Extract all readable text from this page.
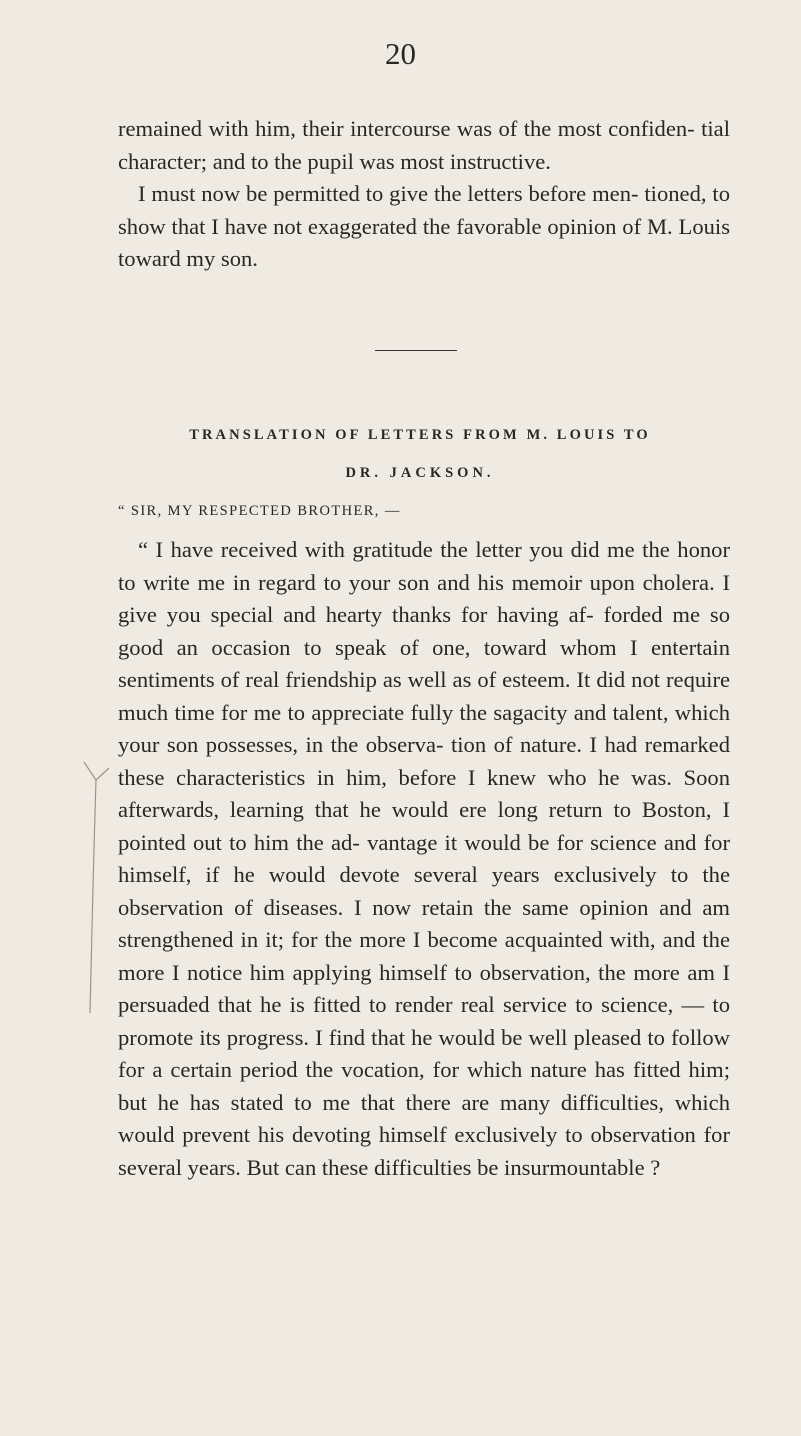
20

remained with him, their intercourse was of the most confiden- tial character; and to the pupil was most instructive.

I must now be permitted to give the letters before men- tioned, to show that I have not exaggerated the favorable opinion of M. Louis toward my son.

TRANSLATION OF LETTERS FROM M. LOUIS TO
DR. JACKSON.
“ SIR, MY RESPECTED BROTHER, —

“ I have received with gratitude the letter you did me the honor to write me in regard to your son and his memoir upon cholera. I give you special and hearty thanks for having af- forded me so good an occasion to speak of one, toward whom I entertain sentiments of real friendship as well as of esteem. It did not require much time for me to appreciate fully the sagacity and talent, which your son possesses, in the observa- tion of nature. I had remarked these characteristics in him, before I knew who he was. Soon afterwards, learning that he would ere long return to Boston, I pointed out to him the ad- vantage it would be for science and for himself, if he would devote several years exclusively to the observation of diseases. I now retain the same opinion and am strengthened in it; for the more I become acquainted with, and the more I notice him applying himself to observation, the more am I persuaded that he is fitted to render real service to science, — to promote its progress. I find that he would be well pleased to follow for a certain period the vocation, for which nature has fitted him; but he has stated to me that there are many difficulties, which would prevent his devoting himself exclusively to observation for several years. But can these difficulties be insurmountable ?
